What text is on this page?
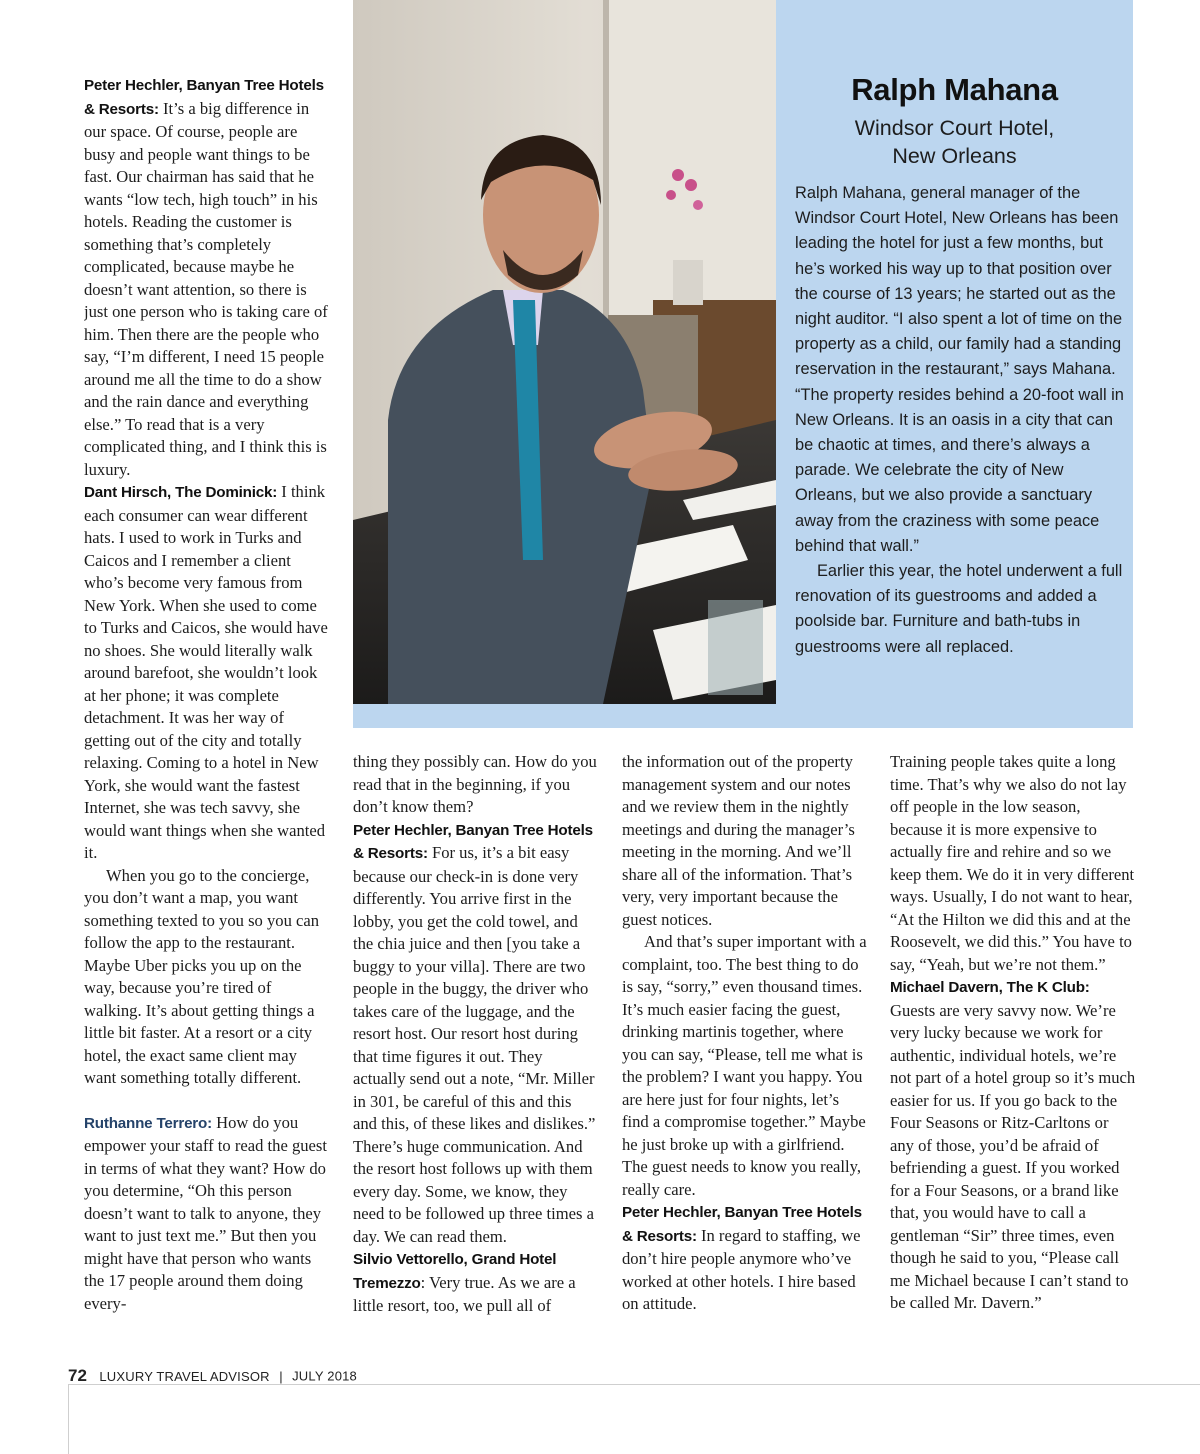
Peter Hechler, Banyan Tree Hotels & Resorts: It’s a big difference in our space. Of course, people are busy and people want things to be fast. Our chairman has said that he wants “low tech, high touch” in his hotels. Reading the customer is something that’s completely complicated, because maybe he doesn’t want attention, so there is just one person who is taking care of him. Then there are the people who say, “I’m different, I need 15 people around me all the time to do a show and the rain dance and everything else.” To read that is a very complicated thing, and I think this is luxury.

Dant Hirsch, The Dominick: I think each consumer can wear different hats. I used to work in Turks and Caicos and I remember a client who’s become very famous from New York. When she used to come to Turks and Caicos, she would have no shoes. She would literally walk around barefoot, she wouldn’t look at her phone; it was complete detachment. It was her way of getting out of the city and totally relaxing. Coming to a hotel in New York, she would want the fastest Internet, she was tech savvy, she would want things when she wanted it.

When you go to the concierge, you don’t want a map, you want something texted to you so you can follow the app to the restaurant. Maybe Uber picks you up on the way, because you’re tired of walking. It’s about getting things a little bit faster. At a resort or a city hotel, the exact same client may want something totally different.

Ruthanne Terrero: How do you empower your staff to read the guest in terms of what they want? How do you determine, “Oh this person doesn’t want to talk to anyone, they want to just text me.” But then you might have that person who wants the 17 people around them doing every-

Ralph Mahana
Windsor Court Hotel,
New Orleans

Ralph Mahana, general manager of the Windsor Court Hotel, New Orleans has been leading the hotel for just a few months, but he’s worked his way up to that position over the course of 13 years; he started out as the night auditor. “I also spent a lot of time on the property as a child, our family had a standing reservation in the restaurant,” says Mahana. “The property resides behind a 20-foot wall in New Orleans. It is an oasis in a city that can be chaotic at times, and there’s always a parade. We celebrate the city of New Orleans, but we also provide a sanctuary away from the craziness with some peace behind that wall.”

Earlier this year, the hotel underwent a full renovation of its guestrooms and added a poolside bar. Furniture and bath-tubs in guestrooms were all replaced.

thing they possibly can. How do you read that in the beginning, if you don’t know them?

Peter Hechler, Banyan Tree Hotels & Resorts: For us, it’s a bit easy because our check-in is done very differently. You arrive first in the lobby, you get the cold towel, and the chia juice and then [you take a buggy to your villa]. There are two people in the buggy, the driver who takes care of the luggage, and the resort host. Our resort host during that time figures it out. They actually send out a note, “Mr. Miller in 301, be careful of this and this and this, of these likes and dislikes.” There’s huge communication. And the resort host follows up with them every day. Some, we know, they need to be followed up three times a day. We can read them.

Silvio Vettorello, Grand Hotel Tremezzo: Very true. As we are a little resort, too, we pull all of

the information out of the property management system and our notes and we review them in the nightly meetings and during the manager’s meeting in the morning. And we’ll share all of the information. That’s very, very important because the guest notices.

And that’s super important with a complaint, too. The best thing to do is say, “sorry,” even thousand times. It’s much easier facing the guest, drinking martinis together, where you can say, “Please, tell me what is the problem? I want you happy. You are here just for four nights, let’s find a compromise together.” Maybe he just broke up with a girlfriend. The guest needs to know you really, really care.

Peter Hechler, Banyan Tree Hotels & Resorts: In regard to staffing, we don’t hire people anymore who’ve worked at other hotels. I hire based on attitude.

Training people takes quite a long time. That’s why we also do not lay off people in the low season, because it is more expensive to actually fire and rehire and so we keep them. We do it in very different ways. Usually, I do not want to hear, “At the Hilton we did this and at the Roosevelt, we did this.” You have to say, “Yeah, but we’re not them.”

Michael Davern, The K Club: Guests are very savvy now. We’re very lucky because we work for authentic, individual hotels, we’re not part of a hotel group so it’s much easier for us. If you go back to the Four Seasons or Ritz-Carltons or any of those, you’d be afraid of befriending a guest. If you worked for a Four Seasons, or a brand like that, you would have to call a gentleman “Sir” three times, even though he said to you, “Please call me Michael because I can’t stand to be called Mr. Davern.”

72 LUXURY TRAVEL ADVISOR | JULY 2018
